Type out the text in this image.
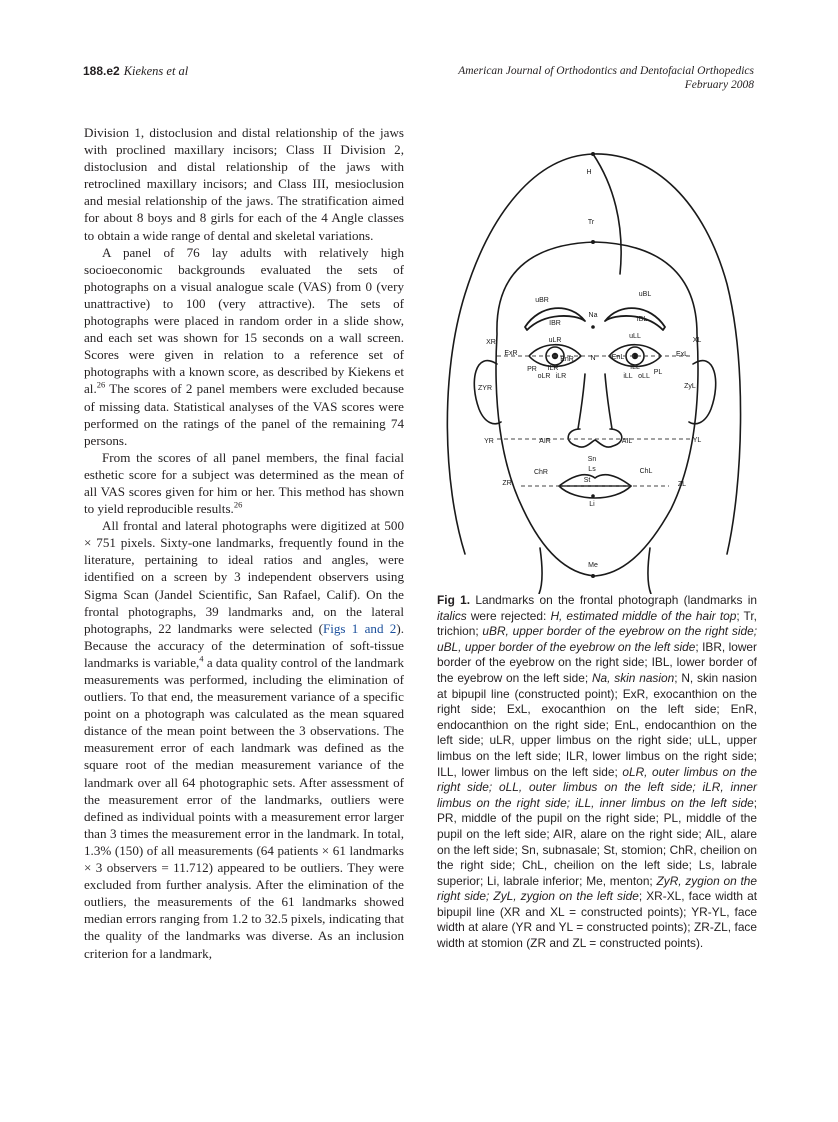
188.e2 Kiekens et al	American Journal of Orthodontics and Dentofacial Orthopedics
February 2008

Division 1, distoclusion and distal relationship of the jaws with proclined maxillary incisors; Class II Division 2, distoclusion and distal relationship of the jaws with retroclined maxillary incisors; and Class III, mesioclusion and mesial relationship of the jaws. The stratification aimed for about 8 boys and 8 girls for each of the 4 Angle classes to obtain a wide range of dental and skeletal variations.

A panel of 76 lay adults with relatively high socioeconomic backgrounds evaluated the sets of photographs on a visual analogue scale (VAS) from 0 (very unattractive) to 100 (very attractive). The sets of photographs were placed in random order in a slide show, and each set was shown for 15 seconds on a wall screen. Scores were given in relation to a reference set of photographs with a known score, as described by Kiekens et al.$^{26}$ The scores of 2 panel members were excluded because of missing data. Statistical analyses of the VAS scores were performed on the ratings of the panel of the remaining 74 persons.

From the scores of all panel members, the final facial esthetic score for a subject was determined as the mean of all VAS scores given for him or her. This method has shown to yield reproducible results.$^{26}$

All frontal and lateral photographs were digitized at 500 × 751 pixels. Sixty-one landmarks, frequently found in the literature, pertaining to ideal ratios and angles, were identified on a screen by 3 independent observers using Sigma Scan (Jandel Scientific, San Rafael, Calif). On the frontal photographs, 39 landmarks and, on the lateral photographs, 22 landmarks were selected (Figs 1 and 2). Because the accuracy of the determination of soft-tissue landmarks is variable,$^4$ a data quality control of the landmark measurements was performed, including the elimination of outliers. To that end, the measurement variance of a specific point on a photograph was calculated as the mean squared distance of the mean point between the 3 observations. The measurement error of each landmark was defined as the square root of the median measurement variance of the landmark over all 64 photographic sets. After assessment of the measurement error of the landmarks, outliers were defined as individual points with a measurement error larger than 3 times the measurement error in the landmark. In total, 1.3% (150) of all measurements (64 patients × 61 landmarks × 3 observers = 11.712) appeared to be outliers. They were excluded from further analysis. After the elimination of the outliers, the measurements of the 61 landmarks showed median errors ranging from 1.2 to 32.5 pixels, indicating that the quality of the landmarks was diverse. As an inclusion criterion for a landmark,

H
Tr
uBR
uBL
IBR
IBL
Na
uLR
uLL
XR	XL
ExR	ExL
EnR N EnL
PR	PL
ILR	ILL
oLR iLR	iLL oLL
ZYR	ZyL
YR	AIR	AIL	YL
Sn
Ls
ChR	ChL
St
ZR	ZL
Li
Me
Fig 1. Landmarks on the frontal photograph (landmarks in italics were rejected: H, estimated middle of the hair top; Tr, trichion; uBR, upper border of the eyebrow on the right side; uBL, upper border of the eyebrow on the left side; IBR, lower border of the eyebrow on the right side; IBL, lower border of the eyebrow on the left side; Na, skin nasion; N, skin nasion at bipupil line (constructed point); ExR, exocanthion on the right side; ExL, exocanthion on the left side; EnR, endocanthion on the right side; EnL, endocanthion on the left side; uLR, upper limbus on the right side; uLL, upper limbus on the left side; ILR, lower limbus on the right side; ILL, lower limbus on the left side; oLR, outer limbus on the right side; oLL, outer limbus on the left side; iLR, inner limbus on the right side; iLL, inner limbus on the left side; PR, middle of the pupil on the right side; PL, middle of the pupil on the left side; AIR, alare on the right side; AIL, alare on the left side; Sn, subnasale; St, stomion; ChR, cheilion on the right side; ChL, cheilion on the left side; Ls, labrale superior; Li, labrale inferior; Me, menton; ZyR, zygion on the right side; ZyL, zygion on the left side; XR-XL, face width at bipupil line (XR and XL = constructed points); YR-YL, face width at alare (YR and YL = constructed points); ZR-ZL, face width at stomion (ZR and ZL = constructed points).
